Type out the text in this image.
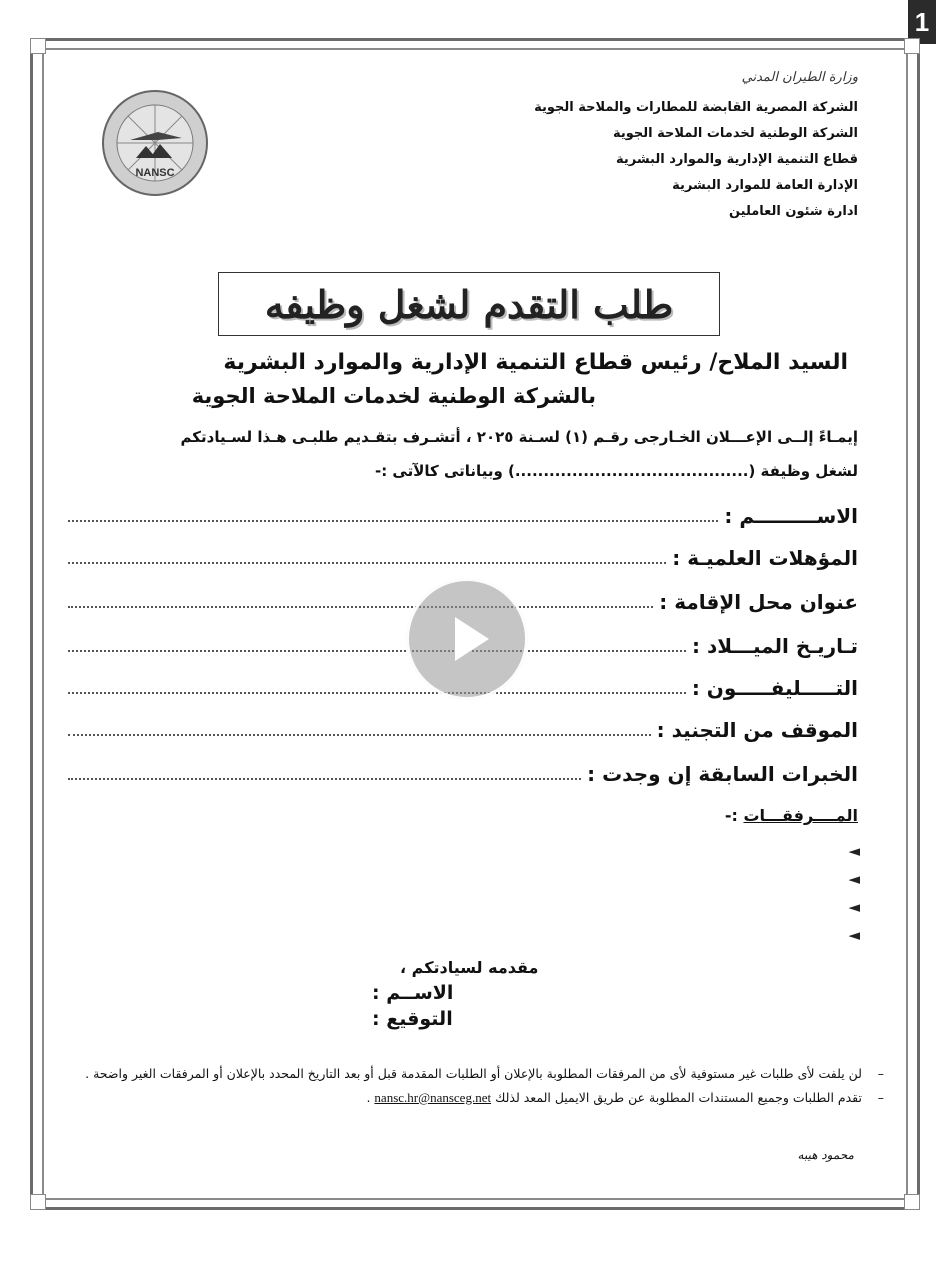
1
NANSC
وزارة الطيران المدني
الشركة المصرية القابضة للمطارات والملاحة الجوية
الشركة الوطنية لخدمات الملاحة الجوية
قطاع التنمية الإدارية والموارد البشرية
الإدارة العامة للموارد البشرية
ادارة شئون العاملين
طلب التقدم لشغل وظيفه
السيد الملاح/ رئيس قطاع التنمية الإدارية والموارد البشرية
بالشركة الوطنية لخدمات الملاحة الجوية
إيمـاءً إلــى الإعـــلان الخـارجى رقـم (١) لسـنة ٢٠٢٥ ، أتشـرف بتقـديم طلبـى هـذا لسـيادتكم
لشغل وظيفة (.........................................) وبياناتى كالآتى :-
الاســـــــــم :
المؤهلات العلميـة :
عنوان محل الإقامة :
تـاريـخ الميـــلاد :
التـــــليفـــــون :
الموقف من التجنيد :
الخبرات السابقة إن وجدت :
المــــرفقـــات :-
◄
◄
◄
◄
مقدمه لسيادتكم ،
الاســم :
التوقيع :
– لن يلفت لأى طلبات غير مستوفية لأى من المرفقات المطلوبة بالإعلان أو الطلبات المقدمة قبل أو بعد التاريخ المحدد بالإعلان أو المرفقات الغير واضحة .
– تقدم الطلبات وجميع المستندات المطلوبة عن طريق الايميل المعد لذلك nansc.hr@nansceg.net .
محمود هيبه
